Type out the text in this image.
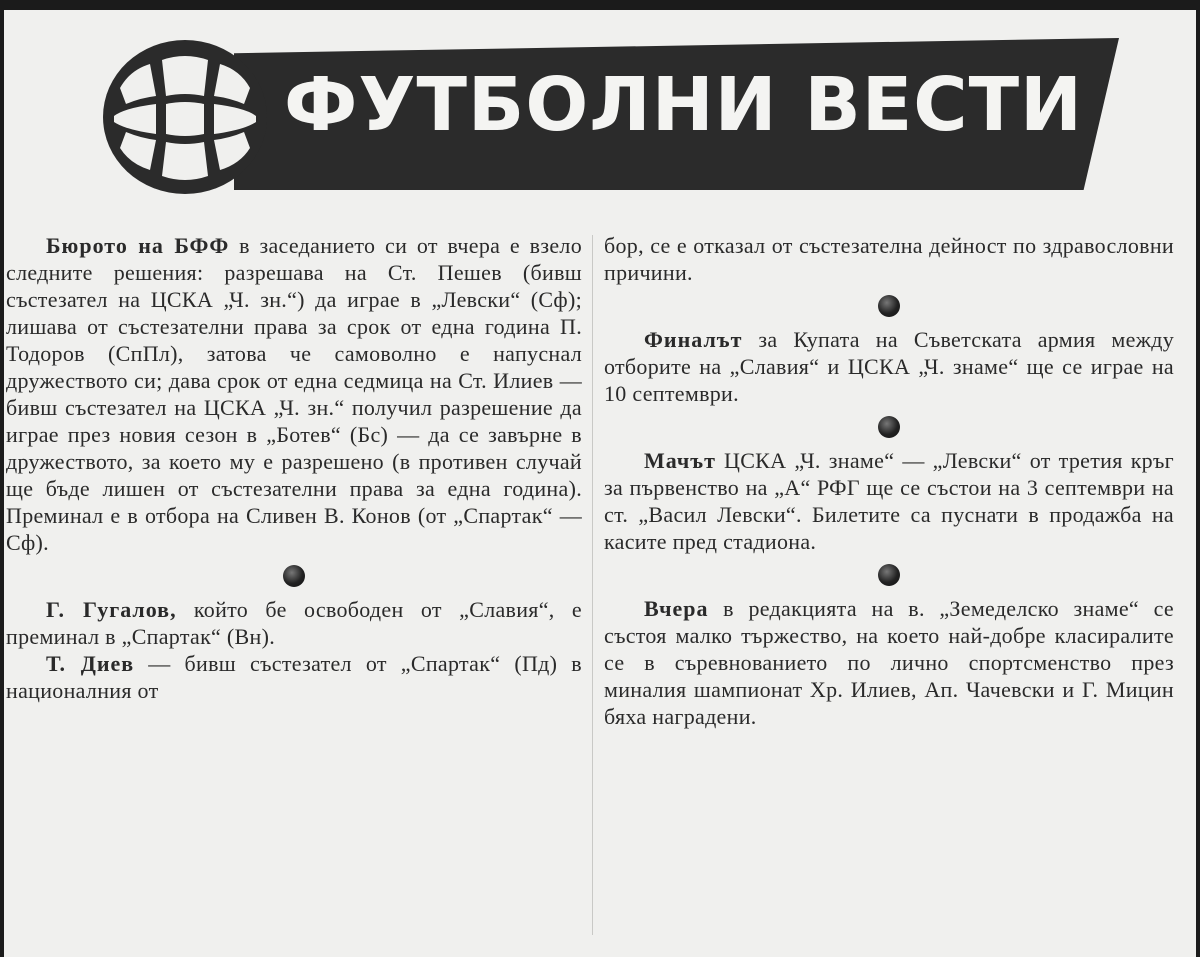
ФУТБОЛНИ ВЕСТИ

Бюрото на БФФ в заседанието си от вчера е взело следните решения: разрешава на Ст. Пешев (бивш състезател на ЦСКА „Ч. зн.“) да играе в „Левски“ (Сф); лишава от състезателни права за срок от една година П. Тодоров (СпПл), затова че самоволно е напуснал дружеството си; дава срок от една седмица на Ст. Илиев — бивш състезател на ЦСКА „Ч. зн.“ получил разрешение да играе през новия сезон в „Ботев“ (Бс) — да се завърне в дружеството, за което му е разрешено (в противен случай ще бъде лишен от състезателни права за една година). Преминал е в отбора на Сливен В. Конов (от „Спартак“ — Сф).

Г. Гугалов, който бе освободен от „Славия“, е преминал в „Спартак“ (Вн).

Т. Диев — бивш състезател от „Спартак“ (Пд) в националния от

бор, се е отказал от състезателна дейност по здравословни причини.

Финалът за Купата на Съветската армия между отборите на „Славия“ и ЦСКА „Ч. знаме“ ще се играе на 10 септември.

Мачът ЦСКА „Ч. знаме“ — „Левски“ от третия кръг за първенство на „А“ РФГ ще се състои на 3 септември на ст. „Васил Левски“. Билетите са пуснати в продажба на касите пред стадиона.

Вчера в редакцията на в. „Земеделско знаме“ се състоя малко тържество, на което най-добре класиралите се в съревнованието по лично спортсменство през миналия шампионат Хр. Илиев, Ап. Чачевски и Г. Мицин бяха наградени.
